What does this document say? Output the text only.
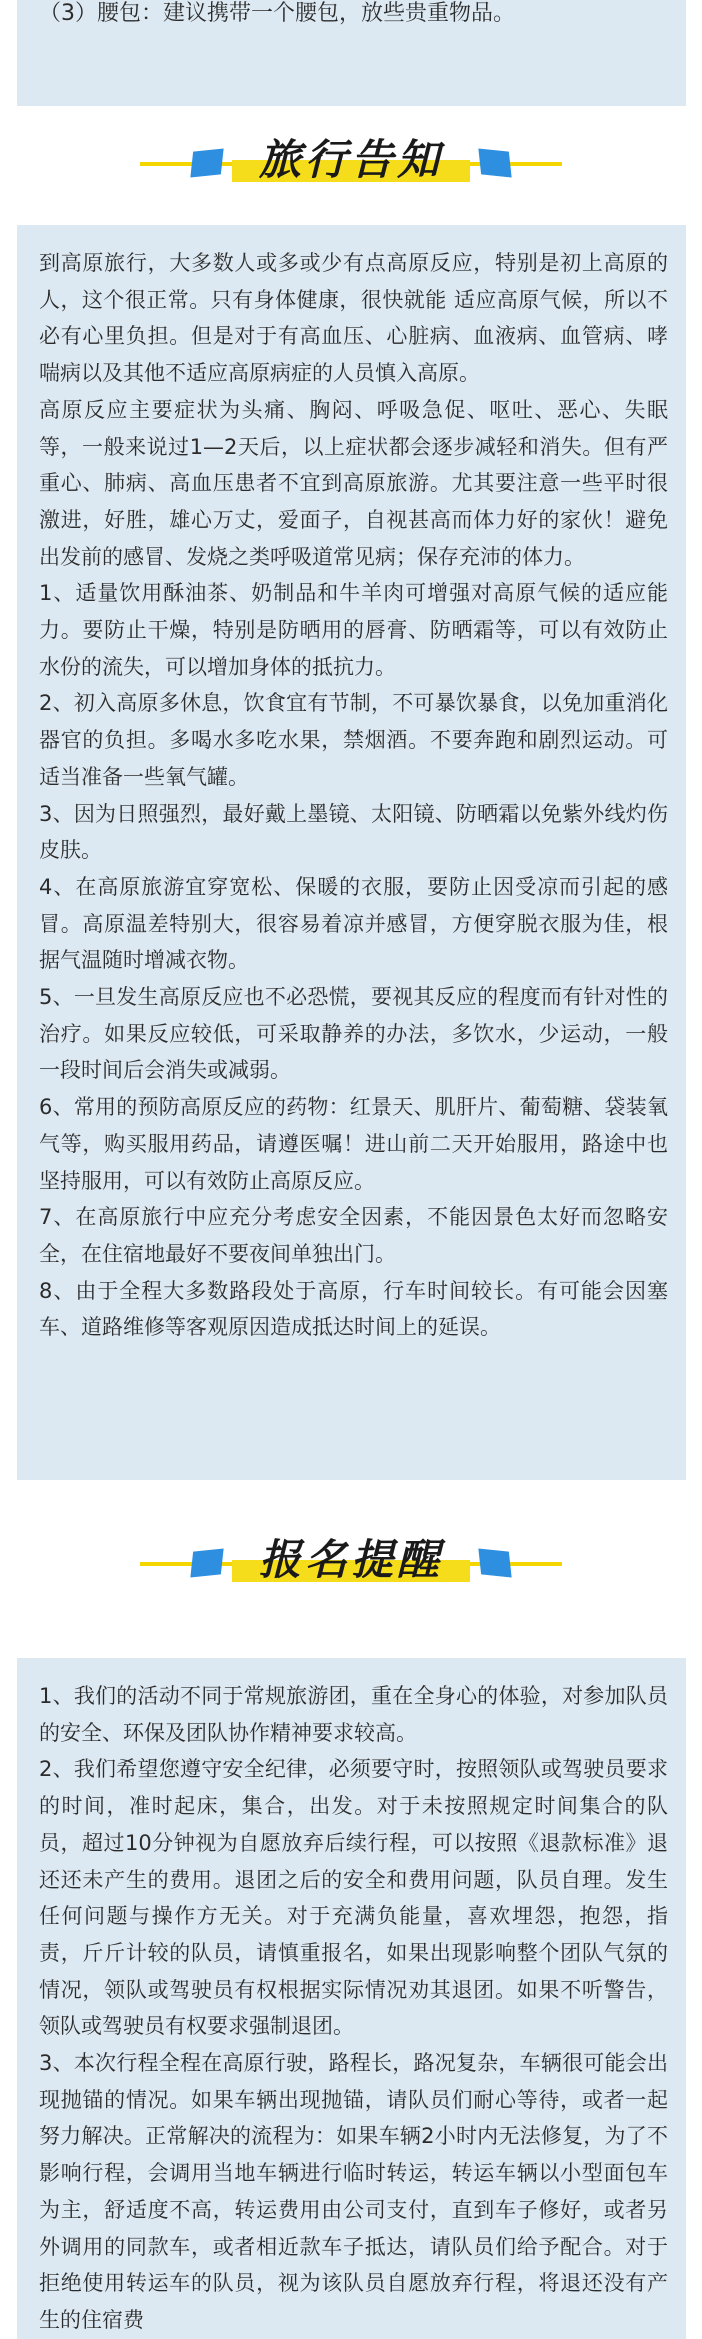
（3）腰包：建议携带一个腰包，放些贵重物品。

旅行告知

到高原旅行，大多数人或多或少有点高原反应，特别是初上高原的人，这个很正常。只有身体健康，很快就能 适应高原气候，所以不必有心里负担。但是对于有高血压、心脏病、血液病、血管病、哮喘病以及其他不适应高原病症的人员慎入高原。

高原反应主要症状为头痛、胸闷、呼吸急促、呕吐、恶心、失眠等，一般来说过1—2天后，以上症状都会逐步减轻和消失。但有严重心、肺病、高血压患者不宜到高原旅游。尤其要注意一些平时很激进，好胜，雄心万丈，爱面子，自视甚高而体力好的家伙！避免出发前的感冒、发烧之类呼吸道常见病；保存充沛的体力。

1、适量饮用酥油茶、奶制品和牛羊肉可增强对高原气候的适应能力。要防止干燥，特别是防晒用的唇膏、防晒霜等，可以有效防止水份的流失，可以增加身体的抵抗力。

2、初入高原多休息，饮食宜有节制，不可暴饮暴食，以免加重消化器官的负担。多喝水多吃水果，禁烟酒。不要奔跑和剧烈运动。可适当准备一些氧气罐。

3、因为日照强烈，最好戴上墨镜、太阳镜、防晒霜以免紫外线灼伤皮肤。

4、在高原旅游宜穿宽松、保暖的衣服，要防止因受凉而引起的感冒。高原温差特别大，很容易着凉并感冒，方便穿脱衣服为佳，根据气温随时增减衣物。

5、一旦发生高原反应也不必恐慌，要视其反应的程度而有针对性的治疗。如果反应较低，可采取静养的办法，多饮水，少运动，一般一段时间后会消失或减弱。

6、常用的预防高原反应的药物：红景天、肌肝片、葡萄糖、袋装氧气等，购买服用药品，请遵医嘱！进山前二天开始服用，路途中也坚持服用，可以有效防止高原反应。

7、在高原旅行中应充分考虑安全因素，不能因景色太好而忽略安全，在住宿地最好不要夜间单独出门。

8、由于全程大多数路段处于高原，行车时间较长。有可能会因塞车、道路维修等客观原因造成抵达时间上的延误。

报名提醒

1、我们的活动不同于常规旅游团，重在全身心的体验，对参加队员的安全、环保及团队协作精神要求较高。

2、我们希望您遵守安全纪律，必须要守时，按照领队或驾驶员要求的时间，准时起床，集合，出发。对于未按照规定时间集合的队员，超过10分钟视为自愿放弃后续行程，可以按照《退款标准》退还还未产生的费用。退团之后的安全和费用问题，队员自理。发生任何问题与操作方无关。对于充满负能量，喜欢埋怨，抱怨，指责，斤斤计较的队员，请慎重报名，如果出现影响整个团队气氛的情况，领队或驾驶员有权根据实际情况劝其退团。如果不听警告，领队或驾驶员有权要求强制退团。

3、本次行程全程在高原行驶，路程长，路况复杂，车辆很可能会出现抛锚的情况。如果车辆出现抛锚，请队员们耐心等待，或者一起努力解决。正常解决的流程为：如果车辆2小时内无法修复，为了不影响行程，会调用当地车辆进行临时转运，转运车辆以小型面包车为主，舒适度不高，转运费用由公司支付，直到车子修好，或者另外调用的同款车，或者相近款车子抵达，请队员们给予配合。对于拒绝使用转运车的队员，视为该队员自愿放弃行程，将退还没有产生的住宿费
